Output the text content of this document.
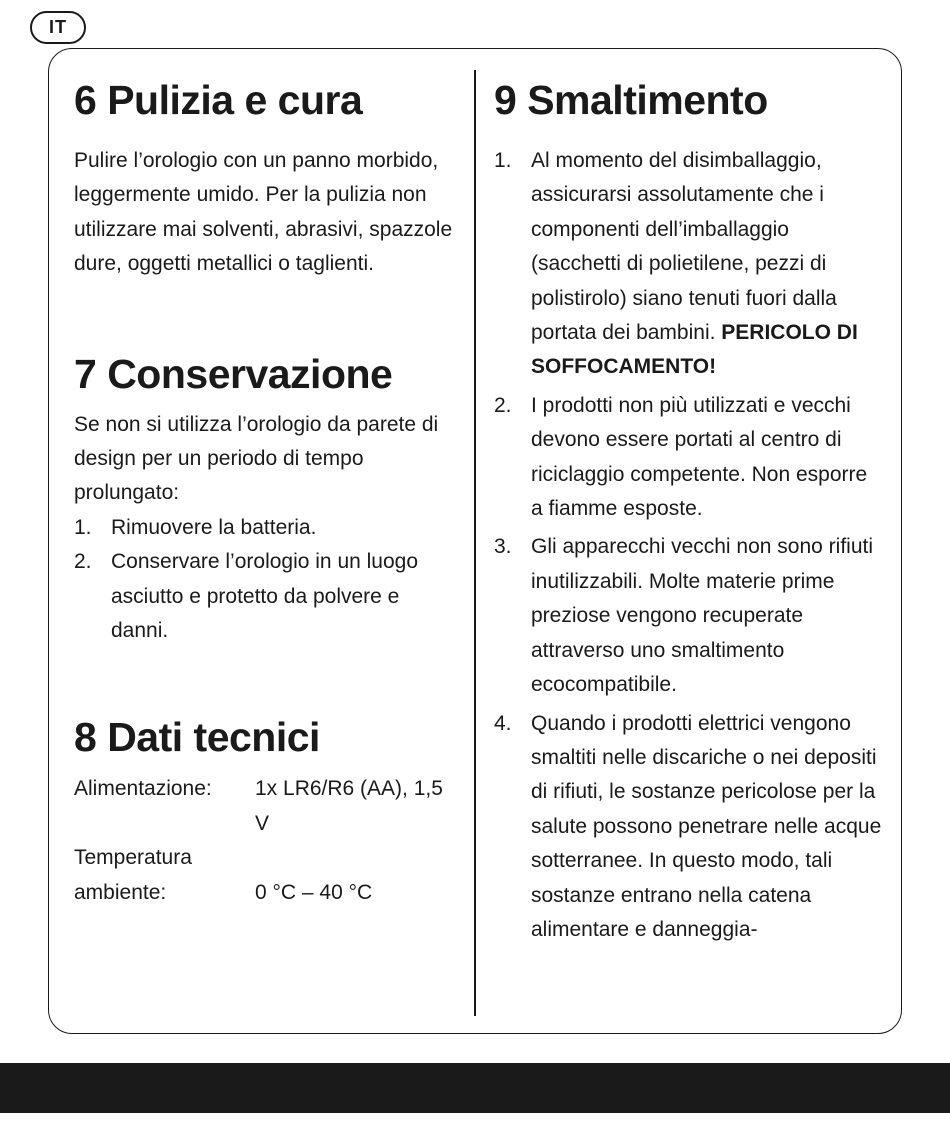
IT
6 Pulizia e cura

Pulire l’orologio con un panno morbido, leggermente umido. Per la pulizia non utilizzare mai solventi, abrasivi, spazzole dure, oggetti metallici o taglienti.

7 Conservazione

Se non si utilizza l’orologio da parete di design per un periodo di tempo prolungato:

1. Rimuovere la batteria.
2. Conservare l’orologio in un luogo asciutto e protetto da polvere e danni.
8 Dati tecnici
Alimentazione:	1x LR6/R6 (AA), 1,5 V
Temperatura ambiente:	0 °C – 40 °C
9 Smaltimento
1. Al momento del disimballaggio, assicurarsi assolutamente che i componenti dell’imballaggio (sacchetti di polietilene, pezzi di polistirolo) siano tenuti fuori dalla portata dei bambini. PERICOLO DI SOFFOCAMENTO!
2. I prodotti non più utilizzati e vecchi devono essere portati al centro di riciclaggio competente. Non esporre a fiamme esposte.
3. Gli apparecchi vecchi non sono rifiuti inutilizzabili. Molte materie prime preziose vengono recuperate attraverso uno smaltimento ecocompatibile.
4. Quando i prodotti elettrici vengono smaltiti nelle discariche o nei depositi di rifiuti, le sostanze pericolose per la salute possono penetrare nelle acque sotterranee. In questo modo, tali sostanze entrano nella catena alimentare e danneggia-
